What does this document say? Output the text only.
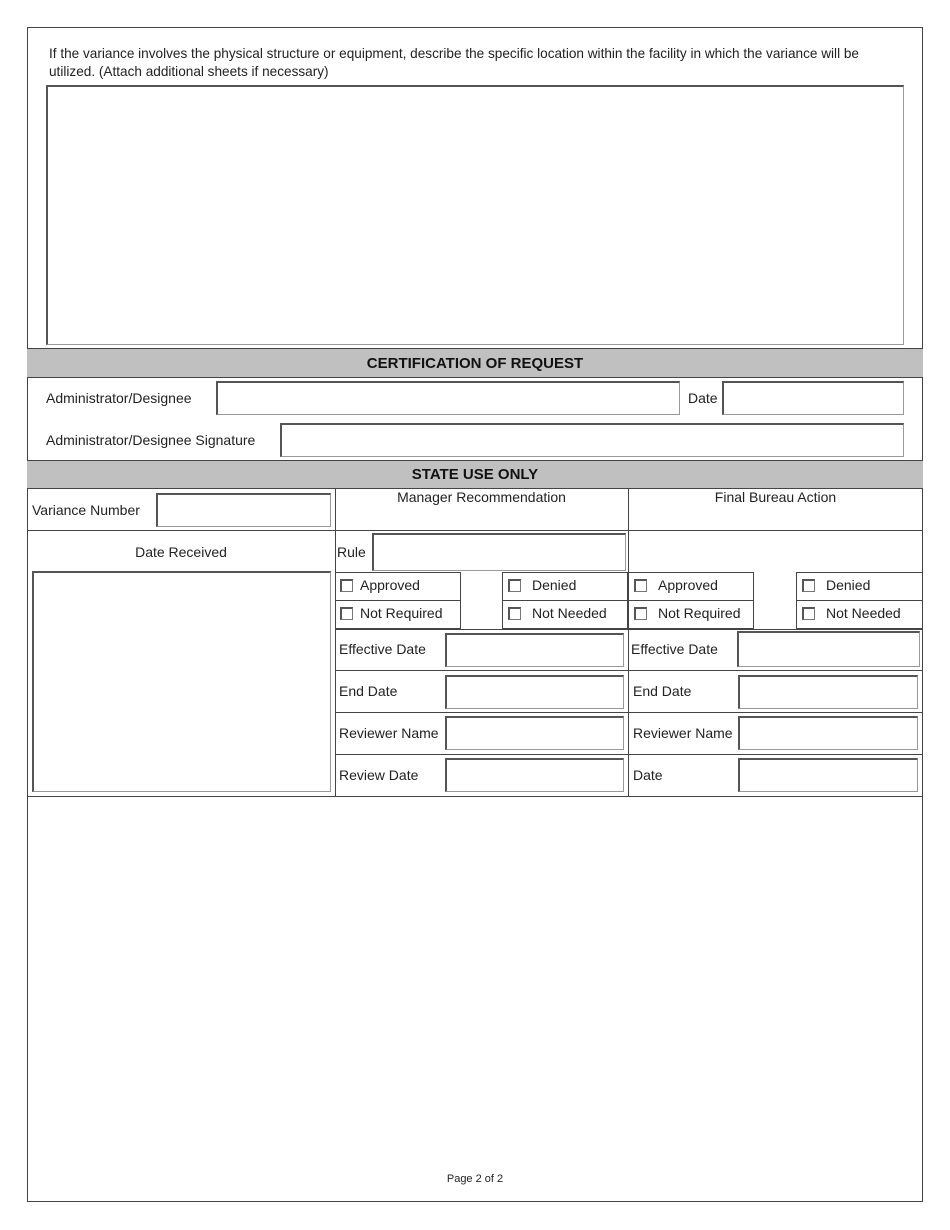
If the variance involves the physical structure or equipment, describe the specific location within the facility in which the variance will be utilized. (Attach additional sheets if necessary)
CERTIFICATION OF REQUEST
Administrator/Designee	Date
Administrator/Designee Signature
STATE USE ONLY
Variance Number
Date Received
Manager Recommendation	Final Bureau Action
Rule
Approved
Not Required
Denied
Not Needed
Approved
Not Required
Denied
Not Needed
Effective Date
End Date
Reviewer Name
Review Date
Effective Date
End Date
Reviewer Name
Date
Page 2 of 2
